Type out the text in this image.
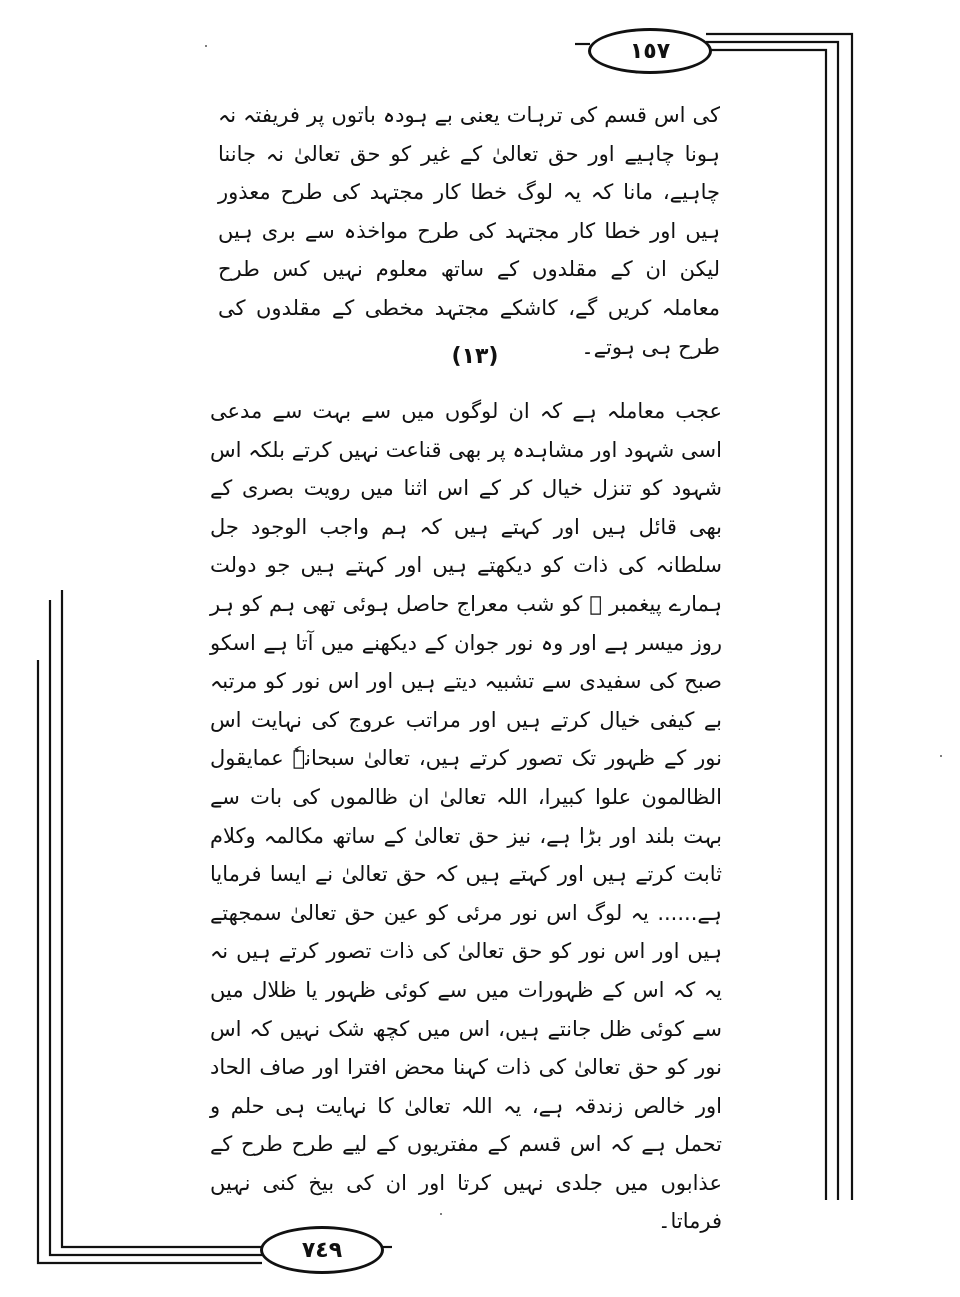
١٥٧

کی اس قسم کی ترہات یعنی بے ہودہ باتوں پر فریفتہ نہ ہونا چاہیے اور حق تعالیٰ کے غیر کو حق تعالیٰ نہ جاننا چاہیے، مانا کہ یہ لوگ خطا کار مجتہد کی طرح معذور ہیں اور خطا کار مجتہد کی طرح مواخذہ سے بری ہیں لیکن ان کے مقلدوں کے ساتھ معلوم نہیں کس طرح معاملہ کریں گے، کاشکے مجتہد مخطی کے مقلدوں کی طرح ہی ہوتے۔

(١٣)

عجب معاملہ ہے کہ ان لوگوں میں سے بہت سے مدعی اسی شہود اور مشاہدہ پر بھی قناعت نہیں کرتے بلکہ اس شہود کو تنزل خیال کر کے اس اثنا میں رویت بصری کے بھی قائل ہیں اور کہتے ہیں کہ ہم واجب الوجود جل سلطانہ کی ذات کو دیکھتے ہیں اور کہتے ہیں جو دولت ہمارے پیغمبر ﷺ کو شب معراج حاصل ہوئی تھی ہم کو ہر روز میسر ہے اور وہ نور جوان کے دیکھنے میں آتا ہے اسکو صبح کی سفیدی سے تشبیہ دیتے ہیں اور اس نور کو مرتبہ بے کیفی خیال کرتے ہیں اور مراتب عروج کی نہایت اس نور کے ظہور تک تصور کرتے ہیں، تعالیٰ سبحانہٗ عمایقول الظالمون علوا کبیرا، اللہ تعالیٰ ان ظالموں کی بات سے بہت بلند اور بڑا ہے، نیز حق تعالیٰ کے ساتھ مکالمہ وکلام ثابت کرتے ہیں اور کہتے ہیں کہ حق تعالیٰ نے ایسا فرمایا ہے...... یہ لوگ اس نور مرئی کو عین حق تعالیٰ سمجھتے ہیں اور اس نور کو حق تعالیٰ کی ذات تصور کرتے ہیں نہ یہ کہ اس کے ظہورات میں سے کوئی ظہور یا ظلال میں سے کوئی ظل جانتے ہیں، اس میں کچھ شک نہیں کہ اس نور کو حق تعالیٰ کی ذات کہنا محض افترا اور صاف الحاد اور خالص زندقہ ہے، یہ اللہ تعالیٰ کا نہایت ہی حلم و تحمل ہے کہ اس قسم کے مفتریوں کے لیے طرح طرح کے عذابوں میں جلدی نہیں کرتا اور ان کی بیخ کنی نہیں فرماتا۔

٧٤٩
